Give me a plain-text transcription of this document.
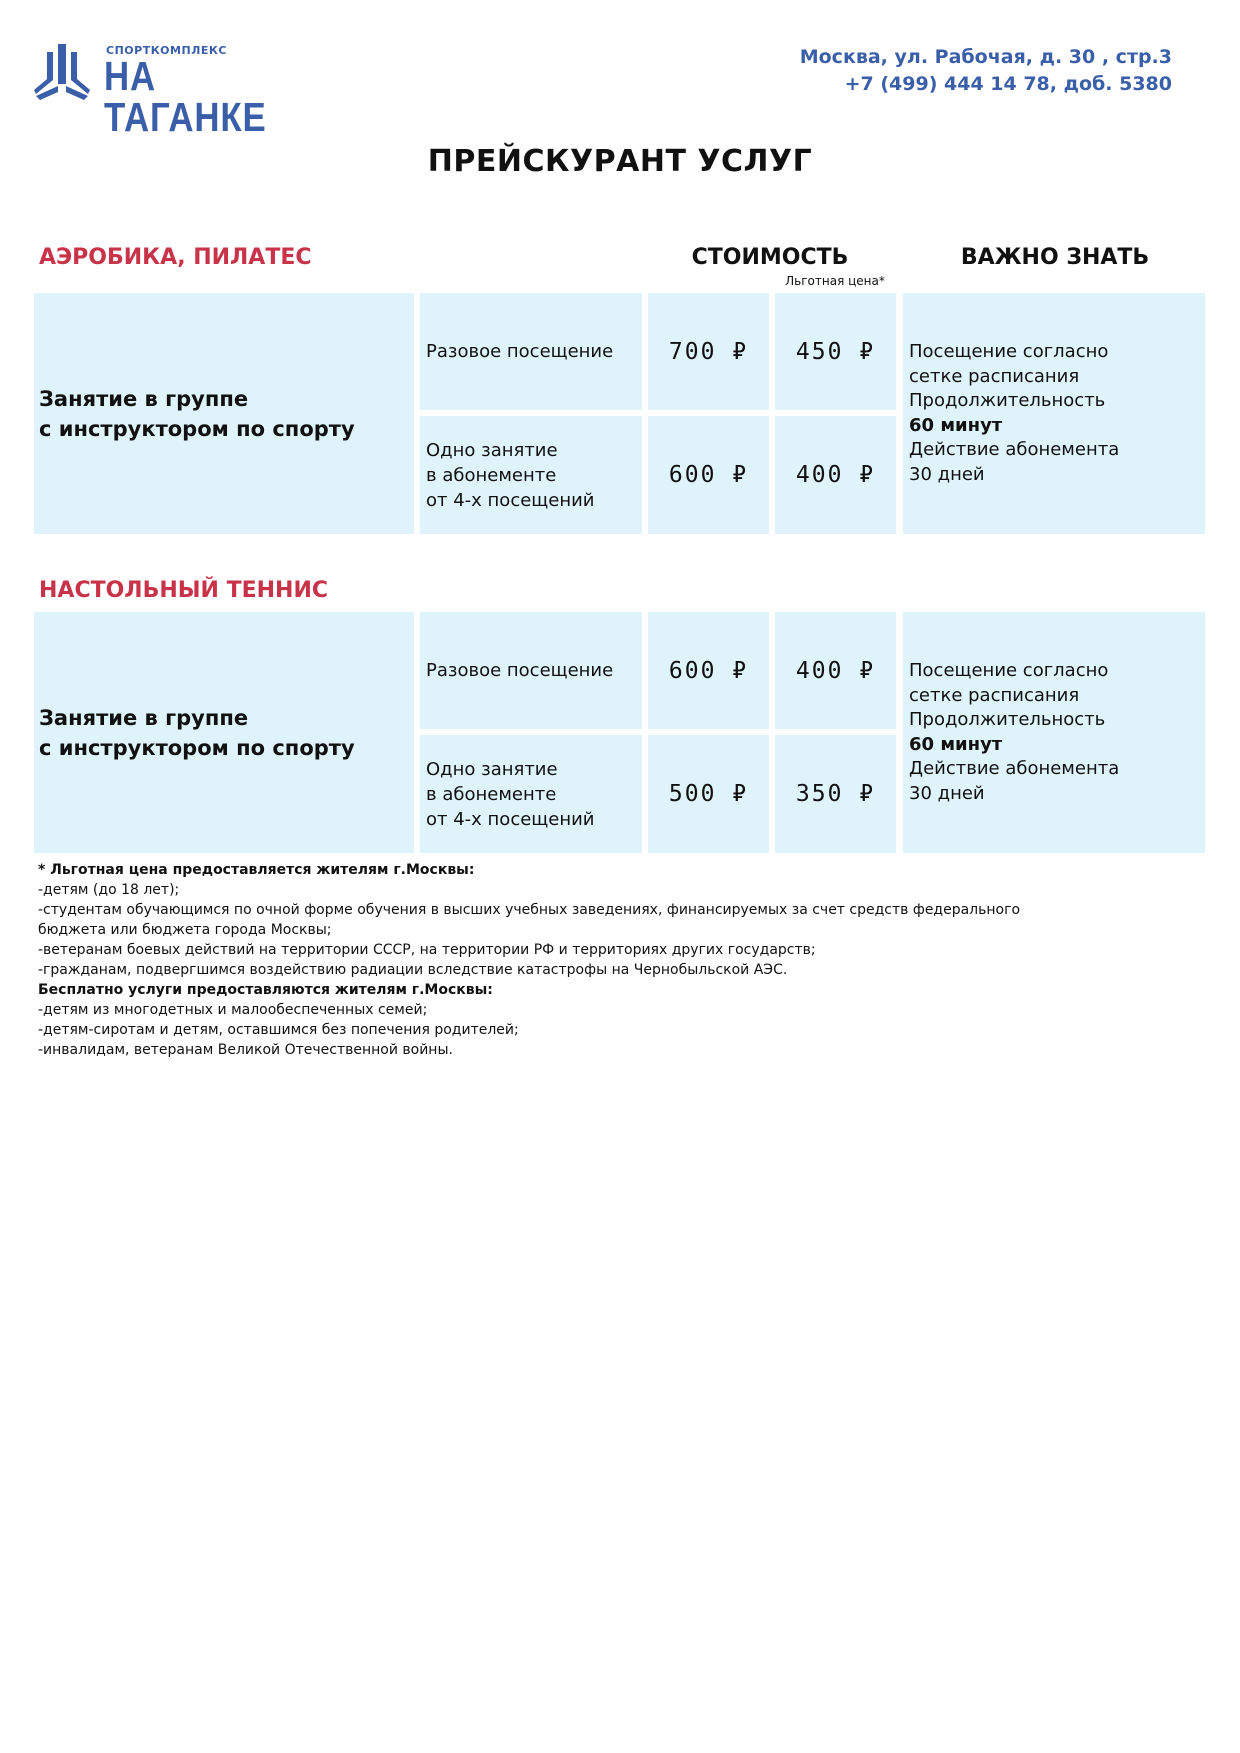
СПОРТКОМПЛЕКС
НА ТАГАНКЕ
Москва, ул. Рабочая, д. 30 , стр.3
+7 (499) 444 14 78, доб. 5380
ПРЕЙСКУРАНТ УСЛУГ
АЭРОБИКА, ПИЛАТЕС	СТОИМОСТЬ
Льготная цена*
ВАЖНО ЗНАТЬ
Занятие в группе
с инструктором по спорту
Разовое посещение	700 ₽	450 ₽
Одно занятие
в абонементе
от 4-х посещений
600 ₽	400 ₽
Посещение согласно
сетке расписания
Продолжительность
60 минут
Действие абонемента
30 дней
НАСТОЛЬНЫЙ ТЕННИС
Занятие в группе
с инструктором по спорту
Разовое посещение	600 ₽	400 ₽
Одно занятие
в абонементе
от 4-х посещений
500 ₽	350 ₽
Посещение согласно
сетке расписания
Продолжительность
60 минут
Действие абонемента
30 дней
* Льготная цена предоставляется жителям г.Москвы:
-детям (до 18 лет);
-студентам обучающимся по очной форме обучения в высших учебных заведениях, финансируемых за счет средств федерального
бюджета или бюджета города Москвы;
-ветеранам боевых действий на территории СССР, на территории РФ и территориях других государств;
-гражданам, подвергшимся воздействию радиации вследствие катастрофы на Чернобыльской АЭС.
Бесплатно услуги предоставляются жителям г.Москвы:
-детям из многодетных и малообеспеченных семей;
-детям-сиротам и детям, оставшимся без попечения родителей;
-инвалидам, ветеранам Великой Отечественной войны.
